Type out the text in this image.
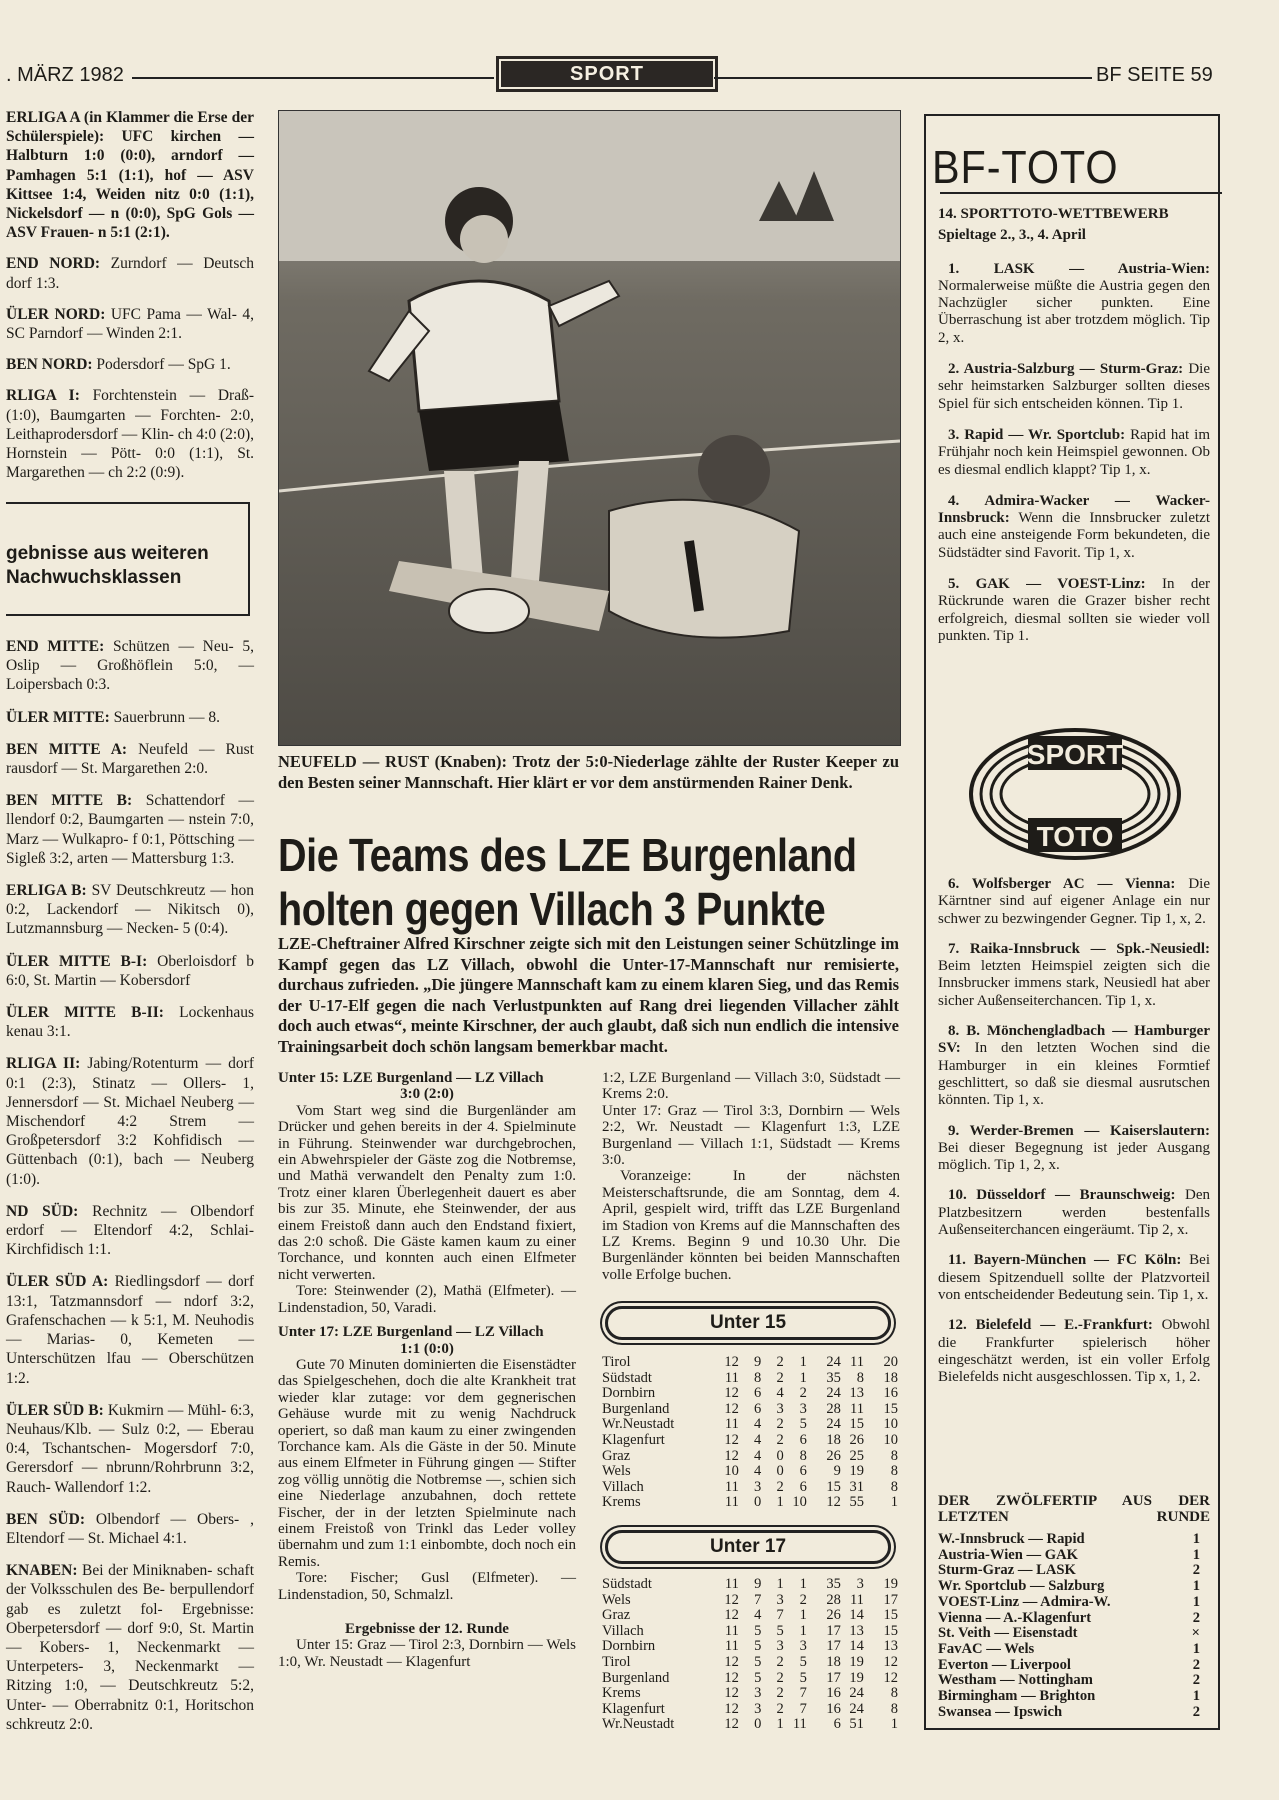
. MÄRZ 1982	SPORT	BF SEITE 59

ERLIGA A (in Klammer die Erse der Schülerspiele): UFC kirchen — Halbturn 1:0 (0:0), arndorf — Pamhagen 5:1 (1:1), hof — ASV Kittsee 1:4, Weiden nitz 0:0 (1:1), Nickelsdorf — n (0:0), SpG Gols — ASV Frauen- n 5:1 (2:1).

END NORD: Zurndorf — Deutsch dorf 1:3.

ÜLER NORD: UFC Pama — Wal- 4, SC Parndorf — Winden 2:1.

BEN NORD: Podersdorf — SpG 1.

RLIGA I: Forchtenstein — Draß- (1:0), Baumgarten — Forchten- 2:0, Leithaprodersdorf — Klin- ch 4:0 (2:0), Hornstein — Pött- 0:0 (1:1), St. Margarethen — ch 2:2 (0:9).

gebnisse aus weiteren Nachwuchsklassen

END MITTE: Schützen — Neu- 5, Oslip — Großhöflein 5:0, — Loipersbach 0:3.

ÜLER MITTE: Sauerbrunn — 8.

BEN MITTE A: Neufeld — Rust rausdorf — St. Margarethen 2:0.

BEN MITTE B: Schattendorf — llendorf 0:2, Baumgarten — nstein 7:0, Marz — Wulkapro- f 0:1, Pöttsching — Sigleß 3:2, arten — Mattersburg 1:3.

ERLIGA B: SV Deutschkreutz — hon 0:2, Lackendorf — Nikitsch 0), Lutzmannsburg — Necken- 5 (0:4).

ÜLER MITTE B-I: Oberloisdorf b 6:0, St. Martin — Kobersdorf

ÜLER MITTE B-II: Lockenhaus kenau 3:1.

RLIGA II: Jabing/Rotenturm — dorf 0:1 (2:3), Stinatz — Ollers- 1, Jennersdorf — St. Michael Neuberg — Mischendorf 4:2 Strem — Großpetersdorf 3:2 Kohfidisch — Güttenbach (0:1), bach — Neuberg (1:0).

ND SÜD: Rechnitz — Olbendorf erdorf — Eltendorf 4:2, Schlai- Kirchfidisch 1:1.

ÜLER SÜD A: Riedlingsdorf — dorf 13:1, Tatzmannsdorf — ndorf 3:2, Grafenschachen — k 5:1, M. Neuhodis — Marias- 0, Kemeten — Unterschützen lfau — Oberschützen 1:2.

ÜLER SÜD B: Kukmirn — Mühl- 6:3, Neuhaus/Klb. — Sulz 0:2, — Eberau 0:4, Tschantschen- Mogersdorf 7:0, Gerersdorf — nbrunn/Rohrbrunn 3:2, Rauch- Wallendorf 1:2.

BEN SÜD: Olbendorf — Obers- , Eltendorf — St. Michael 4:1.

KNABEN: Bei der Miniknaben- schaft der Volksschulen des Be- berpullendorf gab es zuletzt fol- Ergebnisse: Oberpetersdorf — dorf 9:0, St. Martin — Kobers- 1, Neckenmarkt — Unterpeters- 3, Neckenmarkt — Ritzing 1:0, — Deutschkreutz 5:2, Unter- — Oberrabnitz 0:1, Horitschon schkreutz 2:0.

NEUFELD — RUST (Knaben): Trotz der 5:0-Niederlage zählte der Ruster Keeper zu den Besten seiner Mannschaft. Hier klärt er vor dem anstürmenden Rainer Denk.
Die Teams des LZE Burgenland
holten gegen Villach 3 Punkte
LZE-Cheftrainer Alfred Kirschner zeigte sich mit den Leistungen seiner Schützlinge im Kampf gegen das LZ Villach, obwohl die Unter-17-Mannschaft nur remisierte, durchaus zufrieden. „Die jüngere Mannschaft kam zu einem klaren Sieg, und das Remis der U-17-Elf gegen die nach Verlustpunkten auf Rang drei liegenden Villacher zählt doch auch etwas“, meinte Kirschner, der auch glaubt, daß sich nun endlich die intensive Trainingsarbeit doch schön langsam bemerkbar macht.

Unter 15: LZE Burgenland — LZ Villach

3:0 (2:0)

Vom Start weg sind die Burgenländer am Drücker und gehen bereits in der 4. Spielminute in Führung. Steinwender war durchgebrochen, ein Abwehrspieler der Gäste zog die Notbremse, und Mathä verwandelt den Penalty zum 1:0. Trotz einer klaren Überlegenheit dauert es aber bis zur 35. Minute, ehe Steinwender, der aus einem Freistoß dann auch den Endstand fixiert, das 2:0 schoß. Die Gäste kamen kaum zu einer Torchance, und konnten auch einen Elfmeter nicht verwerten.

Tore: Steinwender (2), Mathä (Elfmeter). — Lindenstadion, 50, Varadi.

Unter 17: LZE Burgenland — LZ Villach

1:1 (0:0)

Gute 70 Minuten dominierten die Eisenstädter das Spielgeschehen, doch die alte Krankheit trat wieder klar zutage: vor dem gegnerischen Gehäuse wurde mit zu wenig Nachdruck operiert, so daß man kaum zu einer zwingenden Torchance kam. Als die Gäste in der 50. Minute aus einem Elfmeter in Führung gingen — Stifter zog völlig unnötig die Notbremse —, schien sich eine Niederlage anzubahnen, doch rettete Fischer, der in der letzten Spielminute nach einem Freistoß von Trinkl das Leder volley übernahm und zum 1:1 einbombte, doch noch ein Remis.

Tore: Fischer; Gusl (Elfmeter). — Lindenstadion, 50, Schmalzl.

Ergebnisse der 12. Runde

Unter 15: Graz — Tirol 2:3, Dornbirn — Wels 1:0, Wr. Neustadt — Klagenfurt

1:2, LZE Burgenland — Villach 3:0, Südstadt — Krems 2:0.

Unter 17: Graz — Tirol 3:3, Dornbirn — Wels 2:2, Wr. Neustadt — Klagenfurt 1:3, LZE Burgenland — Villach 1:1, Südstadt — Krems 3:0.

Voranzeige: In der nächsten Meisterschaftsrunde, die am Sonntag, dem 4. April, gespielt wird, trifft das LZE Burgenland im Stadion von Krems auf die Mannschaften des LZ Krems. Beginn 9 und 10.30 Uhr. Die Burgenländer könnten bei beiden Mannschaften volle Erfolge buchen.

Unter 15
Tirol	12	9	2	1	24	11	20
Südstadt	11	8	2	1	35	8	18
Dornbirn	12	6	4	2	24	13	16
Burgenland	12	6	3	3	28	11	15
Wr.Neustadt	11	4	2	5	24	15	10
Klagenfurt	12	4	2	6	18	26	10
Graz	12	4	0	8	26	25	8
Wels	10	4	0	6	9	19	8
Villach	11	3	2	6	15	31	8
Krems	11	0	1	10	12	55	1
Unter 17
Südstadt	11	9	1	1	35	3	19
Wels	12	7	3	2	28	11	17
Graz	12	4	7	1	26	14	15
Villach	11	5	5	1	17	13	15
Dornbirn	11	5	3	3	17	14	13
Tirol	12	5	2	5	18	19	12
Burgenland	12	5	2	5	17	19	12
Krems	12	3	2	7	16	24	8
Klagenfurt	12	3	2	7	16	24	8
Wr.Neustadt	12	0	1	11	6	51	1
BF-TOTO

14. SPORTTOTO-WETTBEWERB

Spieltage 2., 3., 4. April

1. LASK — Austria-Wien: Normalerweise müßte die Austria gegen den Nachzügler sicher punkten. Eine Überraschung ist aber trotzdem möglich. Tip 2, x.

2. Austria-Salzburg — Sturm-Graz: Die sehr heimstarken Salzburger sollten dieses Spiel für sich entscheiden können. Tip 1.

3. Rapid — Wr. Sportclub: Rapid hat im Frühjahr noch kein Heimspiel gewonnen. Ob es diesmal endlich klappt? Tip 1, x.

4. Admira-Wacker — Wacker-Innsbruck: Wenn die Innsbrucker zuletzt auch eine ansteigende Form bekundeten, die Südstädter sind Favorit. Tip 1, x.

5. GAK — VOEST-Linz: In der Rückrunde waren die Grazer bisher recht erfolgreich, diesmal sollten sie wieder voll punkten. Tip 1.

SPORT
TOTO

6. Wolfsberger AC — Vienna: Die Kärntner sind auf eigener Anlage ein nur schwer zu bezwingender Gegner. Tip 1, x, 2.

7. Raika-Innsbruck — Spk.-Neusiedl: Beim letzten Heimspiel zeigten sich die Innsbrucker immens stark, Neusiedl hat aber sicher Außenseiterchancen. Tip 1, x.

8. B. Mönchengladbach — Hamburger SV: In den letzten Wochen sind die Hamburger in ein kleines Formtief geschlittert, so daß sie diesmal ausrutschen könnten. Tip 1, x.

9. Werder-Bremen — Kaiserslautern: Bei dieser Begegnung ist jeder Ausgang möglich. Tip 1, 2, x.

10. Düsseldorf — Braunschweig: Den Platzbesitzern werden bestenfalls Außenseiterchancen eingeräumt. Tip 2, x.

11. Bayern-München — FC Köln: Bei diesem Spitzenduell sollte der Platzvorteil von entscheidender Bedeutung sein. Tip 1, x.

12. Bielefeld — E.-Frankfurt: Obwohl die Frankfurter spielerisch höher eingeschätzt werden, ist ein voller Erfolg Bielefelds nicht ausgeschlossen. Tip x, 1, 2.

DER ZWÖLFERTIP AUS DER LETZTEN RUNDE
W.-Innsbruck — Rapid	1
Austria-Wien — GAK	1
Sturm-Graz — LASK	2
Wr. Sportclub — Salzburg	1
VOEST-Linz — Admira-W.	1
Vienna — A.-Klagenfurt	2
St. Veith — Eisenstadt	×
FavAC — Wels	1
Everton — Liverpool	2
Westham — Nottingham	2
Birmingham — Brighton	1
Swansea — Ipswich	2
